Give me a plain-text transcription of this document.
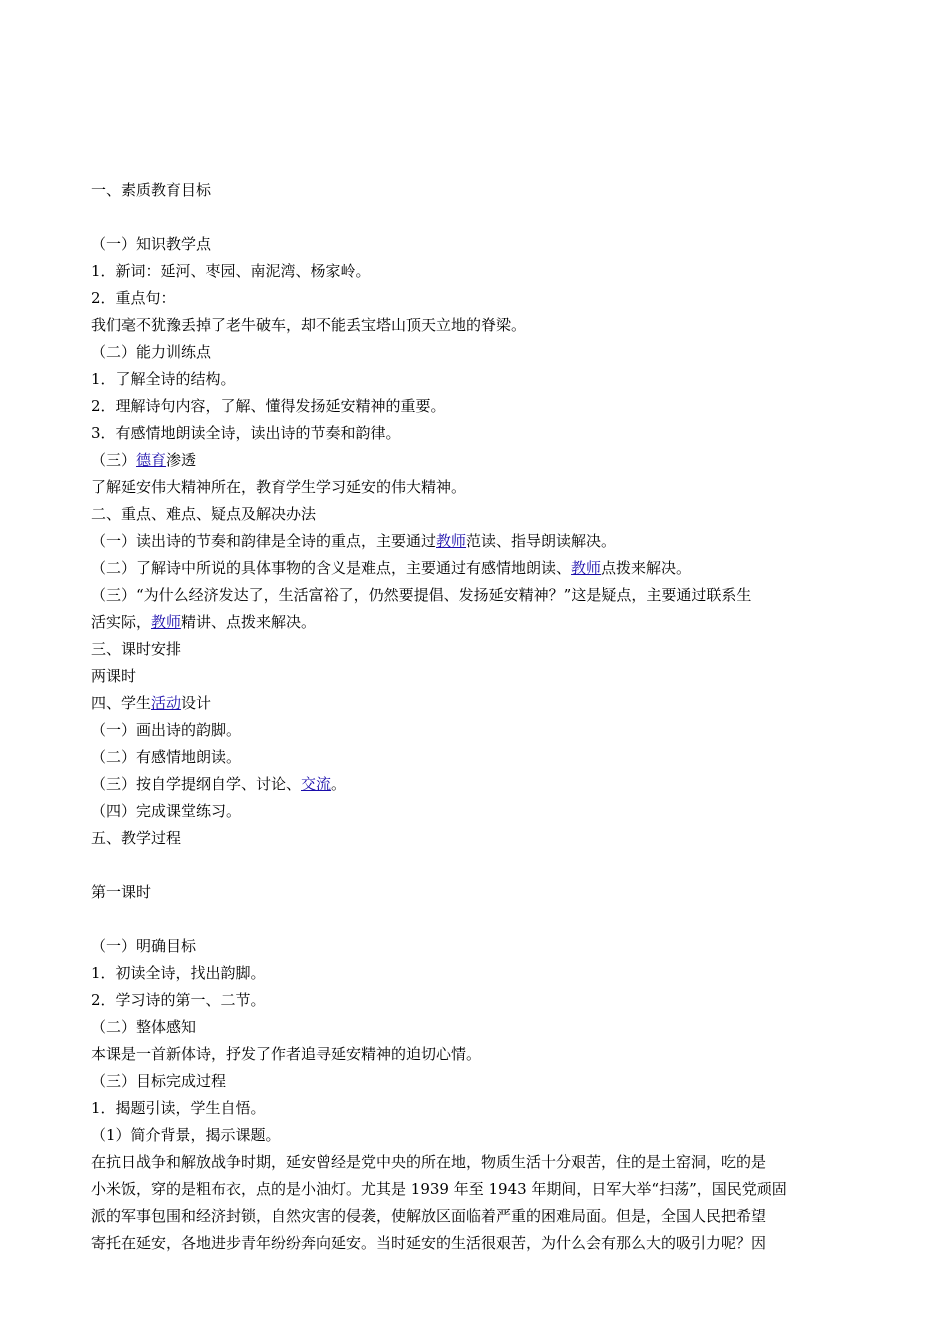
一、素质教育目标
（一）知识教学点
1．新词：延河、枣园、南泥湾、杨家岭。
2．重点句：
我们毫不犹豫丢掉了老牛破车，却不能丢宝塔山顶天立地的脊梁。
（二）能力训练点
1．了解全诗的结构。
2．理解诗句内容，了解、懂得发扬延安精神的重要。
3．有感情地朗读全诗，读出诗的节奏和韵律。
（三）德育渗透
了解延安伟大精神所在，教育学生学习延安的伟大精神。
二、重点、难点、疑点及解决办法
（一）读出诗的节奏和韵律是全诗的重点，主要通过教师范读、指导朗读解决。
（二）了解诗中所说的具体事物的含义是难点，主要通过有感情地朗读、教师点拨来解决。
（三）“为什么经济发达了，生活富裕了，仍然要提倡、发扬延安精神？”这是疑点，主要通过联系生
活实际，教师精讲、点拨来解决。
三、课时安排
两课时
四、学生活动设计
（一）画出诗的韵脚。
（二）有感情地朗读。
（三）按自学提纲自学、讨论、交流。
（四）完成课堂练习。
五、教学过程
第一课时
（一）明确目标
1．初读全诗，找出韵脚。
2．学习诗的第一、二节。
（二）整体感知
本课是一首新体诗，抒发了作者追寻延安精神的迫切心情。
（三）目标完成过程
1．揭题引读，学生自悟。
（1）简介背景，揭示课题。
在抗日战争和解放战争时期，延安曾经是党中央的所在地，物质生活十分艰苦，住的是土窑洞，吃的是
小米饭，穿的是粗布衣，点的是小油灯。尤其是 1939 年至 1943 年期间，日军大举“扫荡”，国民党顽固
派的军事包围和经济封锁，自然灾害的侵袭，使解放区面临着严重的困难局面。但是，全国人民把希望
寄托在延安，各地进步青年纷纷奔向延安。当时延安的生活很艰苦，为什么会有那么大的吸引力呢？因
